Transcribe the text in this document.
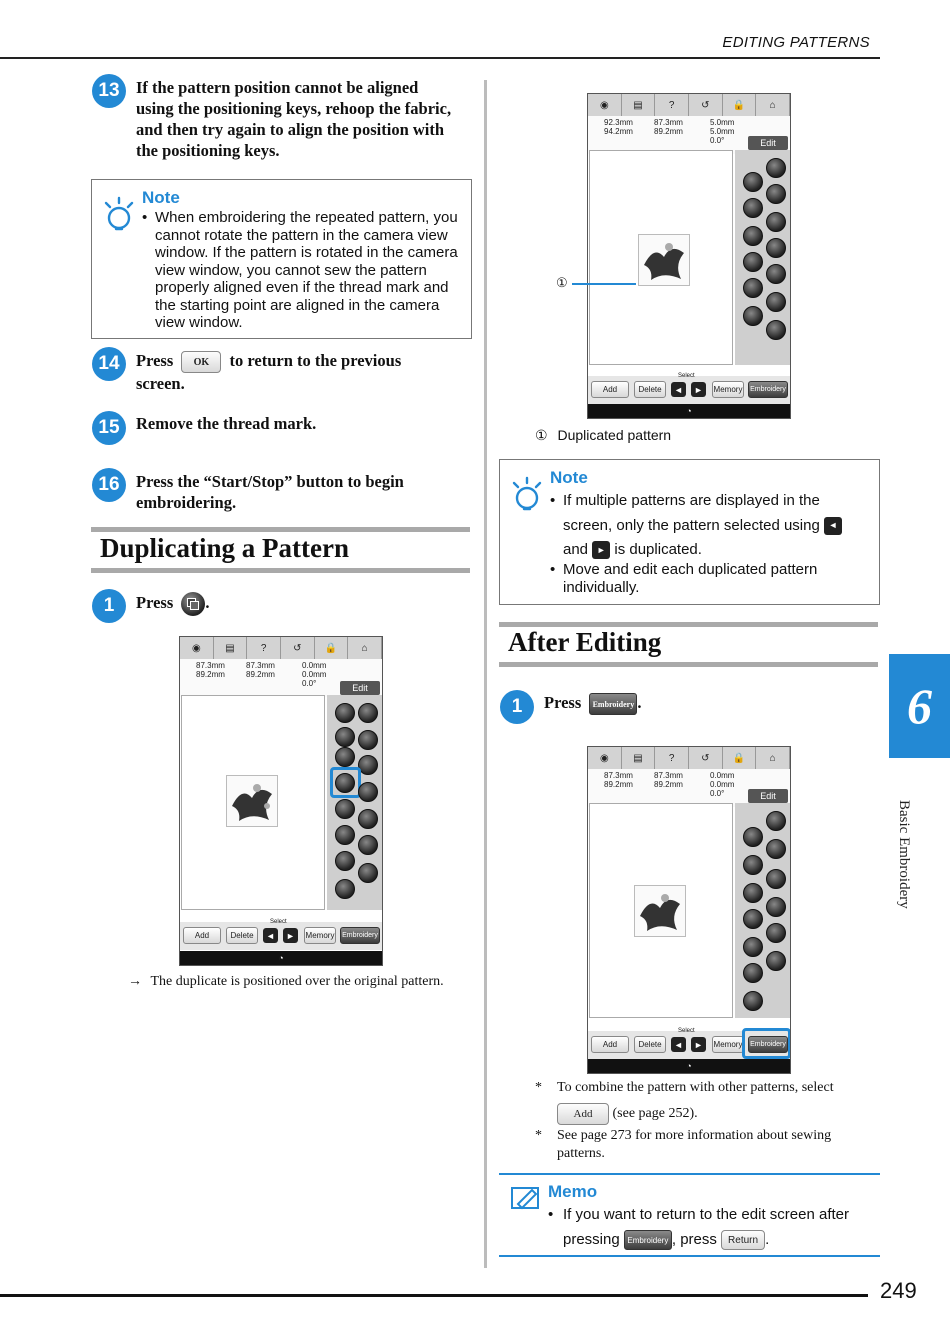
EDITING PATTERNS
13 If the pattern position cannot be aligned using the positioning keys, rehoop the fabric, and then try again to align the position with the positioning keys.
Note
• When embroidering the repeated pattern, you cannot rotate the pattern in the camera view window. If the pattern is rotated in the camera view window, you cannot sew the pattern properly aligned even if the thread mark and the starting point are aligned in the camera view window.
14 Press OK to return to the previous
screen.
15 Remove the thread mark.
16 Press the “Start/Stop” button to begin embroidering.
Duplicating a Pattern
1	Press .
◉	▤	?	↺	🔒	⌂
87.3mm
89.2mm
87.3mm
89.2mm
0.0mm
0.0mm
0.0°	Edit
Add	Delete
Select
◄	►	Memory Embroidery
◔
→ The duplicate is positioned over the original pattern.
◉	▤	?	↺	🔒	⌂
92.3mm
94.2mm
87.3mm
89.2mm
5.0mm
5.0mm
0.0°	Edit
Add	Delete
Select
◄	►	Memory Embroidery
◔
①
① Duplicated pattern
Note
• If multiple patterns are displayed in the screen, only the pattern selected using ◄ and ► is duplicated.
• Move and edit each duplicated pattern individually.
After Editing
1	Press Embroidery .
◉	▤	?	↺	🔒	⌂
87.3mm
89.2mm
87.3mm
89.2mm
0.0mm
0.0mm
0.0°	Edit
Add	Delete
Select
◄	►	Memory Embroidery
◔
*	To combine the pattern with other patterns, select
Add (see page 252).
*	See page 273 for more information about sewing patterns.
Memo
• If you want to return to the edit screen after pressing Embroidery , press Return .
6
Basic Embroidery
249
